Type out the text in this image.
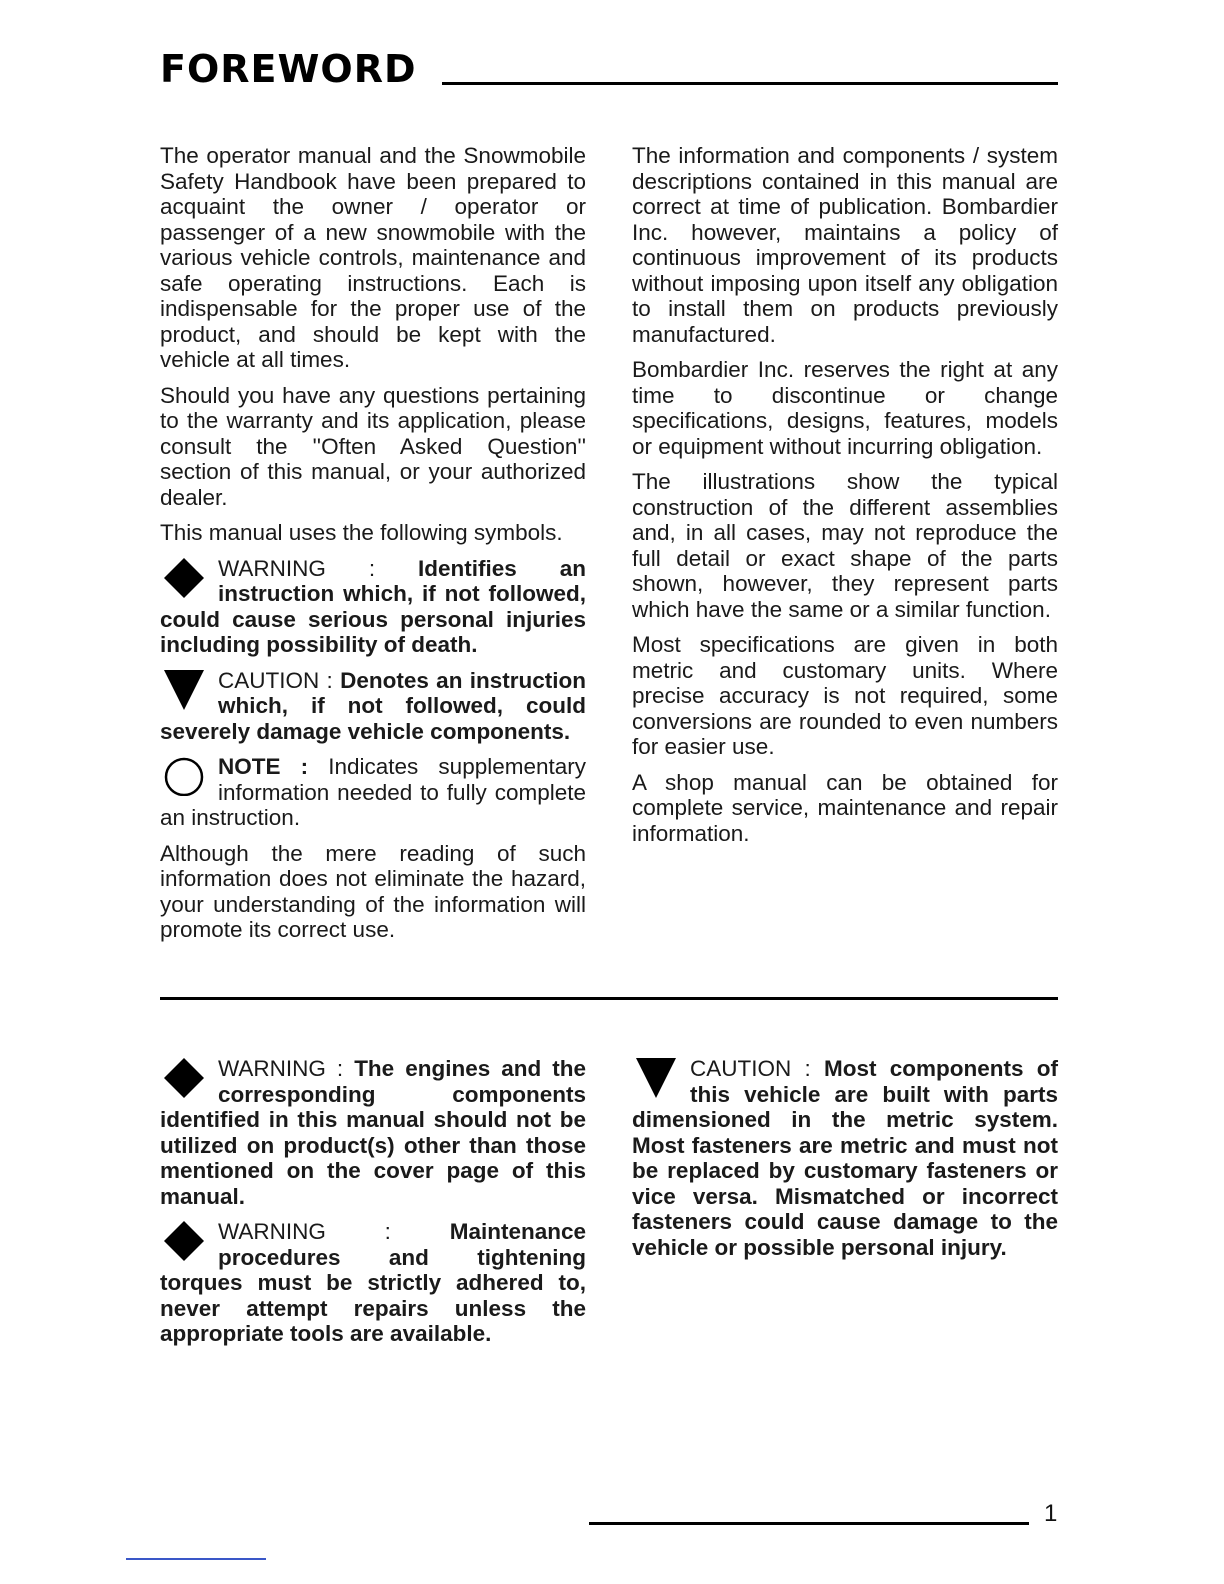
FOREWORD

The operator manual and the Snowmobile Safety Handbook have been prepared to acquaint the owner / operator or passenger of a new snowmobile with the various vehicle controls, maintenance and safe operating instructions. Each is indispensable for the proper use of the product, and should be kept with the vehicle at all times.

Should you have any questions pertaining to the warranty and its application, please consult the ''Often Asked Question'' section of this manual, or your authorized dealer.

This manual uses the following symbols.

WARNING : Identifies an instruction which, if not followed, could cause serious personal injuries including possibility of death.
CAUTION : Denotes an instruction which, if not followed, could severely damage vehicle components.
NOTE : Indicates supplementary information needed to fully complete an instruction.

Although the mere reading of such information does not eliminate the hazard, your understanding of the information will promote its correct use.

The information and components / system descriptions contained in this manual are correct at time of publication. Bombardier Inc. however, maintains a policy of continuous improvement of its products without imposing upon itself any obligation to install them on products previously manufactured.

Bombardier Inc. reserves the right at any time to discontinue or change specifications, designs, features, models or equipment without incurring obligation.

The illustrations show the typical construction of the different assemblies and, in all cases, may not reproduce the full detail or exact shape of the parts shown, however, they represent parts which have the same or a similar function.

Most specifications are given in both metric and customary units. Where precise accuracy is not required, some conversions are rounded to even numbers for easier use.

A shop manual can be obtained for complete service, maintenance and repair information.

WARNING : The engines and the corresponding components identified in this manual should not be utilized on product(s) other than those mentioned on the cover page of this manual.
WARNING : Maintenance procedures and tightening torques must be strictly adhered to, never attempt repairs unless the appropriate tools are available.
CAUTION : Most components of this vehicle are built with parts dimensioned in the metric system. Most fasteners are metric and must not be replaced by customary fasteners or vice versa. Mismatched or incorrect fasteners could cause damage to the vehicle or possible personal injury.
1
